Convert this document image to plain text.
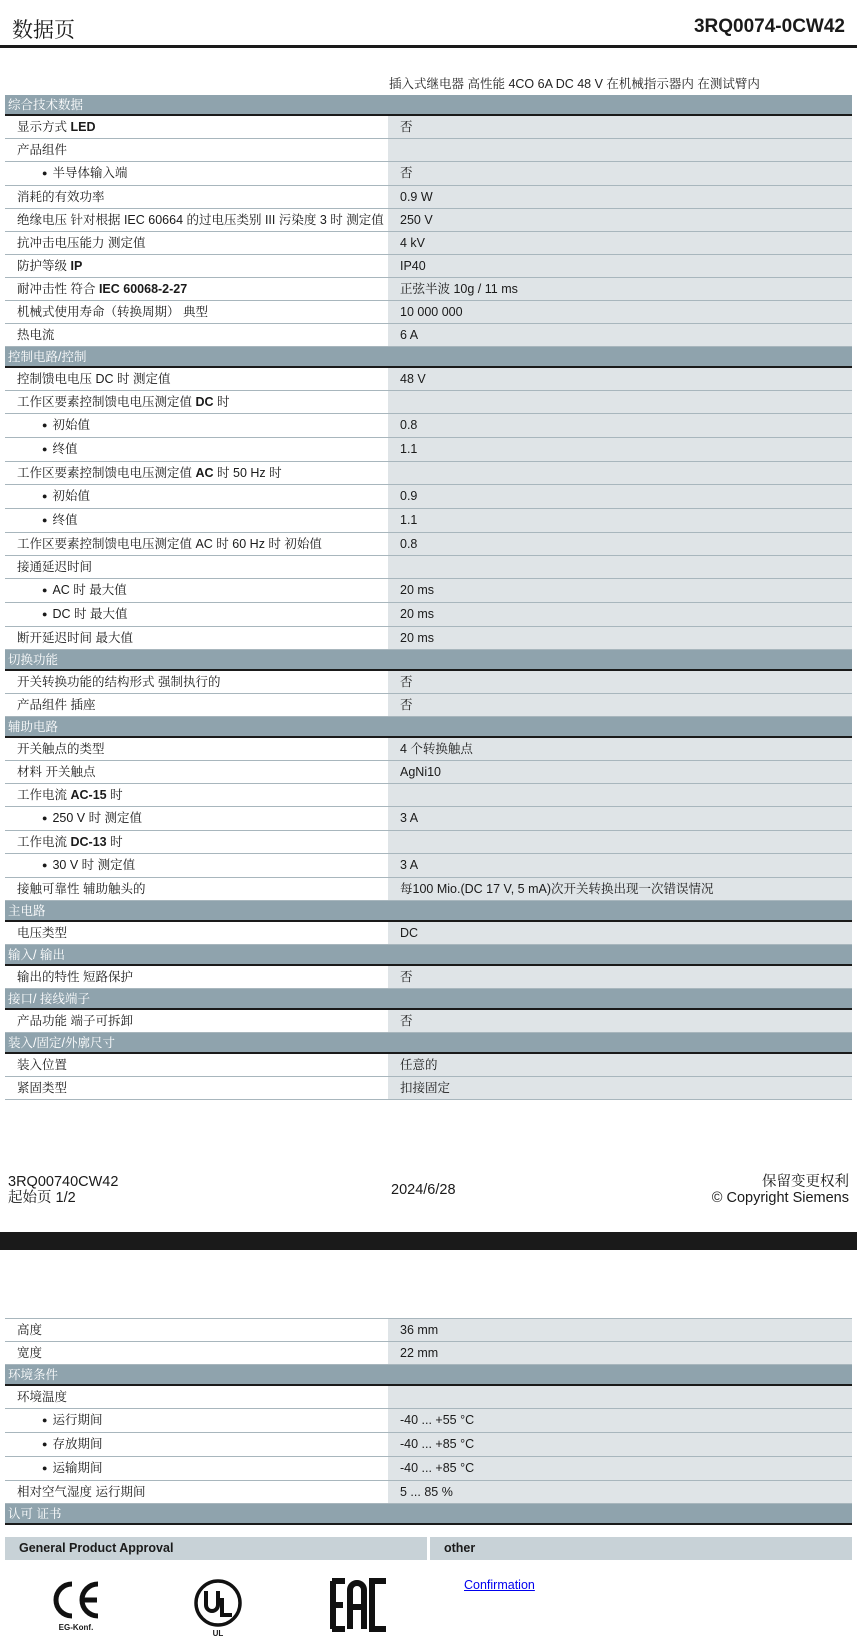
数据页	3RQ0074-0CW42
插入式继电器 高性能 4CO 6A DC 48 V 在机械指示器内 在测试臂内
综合技术数据
显示方式 LED	否
产品组件
● 半导体输入端	否
消耗的有效功率	0.9 W
绝缘电压 针对根据 IEC 60664 的过电压类别 III 污染度 3 时 测定值	250 V
抗冲击电压能力 测定值	4 kV
防护等级 IP	IP40
耐冲击性 符合 IEC 60068-2-27	正弦半波 10g / 11 ms
机械式使用寿命（转换周期） 典型	10 000 000
热电流	6 A
控制电路/控制
控制馈电电压 DC 时 测定值	48 V
工作区要素控制馈电电压测定值 DC 时
● 初始值	0.8
● 终值	1.1
工作区要素控制馈电电压测定值 AC 时 50 Hz 时
● 初始值	0.9
● 终值	1.1
工作区要素控制馈电电压测定值 AC 时 60 Hz 时 初始值	0.8
接通延迟时间
● AC 时 最大值	20 ms
● DC 时 最大值	20 ms
断开延迟时间 最大值	20 ms
切换功能
开关转换功能的结构形式 强制执行的	否
产品组件 插座	否
辅助电路
开关触点的类型	4 个转换触点
材料 开关触点	AgNi10
工作电流 AC-15 时
● 250 V 时 测定值	3 A
工作电流 DC-13 时
● 30 V 时 测定值	3 A
接触可靠性 辅助触头的	每100 Mio.(DC 17 V, 5 mA)次开关转换出现一次错误情况
主电路
电压类型	DC
输入/ 输出
输出的特性 短路保护	否
接口/ 接线端子
产品功能 端子可拆卸	否
装入/固定/外廓尺寸
装入位置	任意的
紧固类型	扣接固定
3RQ00740CW42
起始页 1/2	2024/6/28	保留变更权利
© Copyright Siemens
高度	36 mm
宽度	22 mm
环境条件
环境温度
● 运行期间	-40 ... +55 °C
● 存放期间	-40 ... +85 °C
● 运输期间	-40 ... +85 °C
相对空气湿度 运行期间	5 ... 85 %
认可 证书
General Product Approval	other
EG-Konf.
UL
Confirmation
